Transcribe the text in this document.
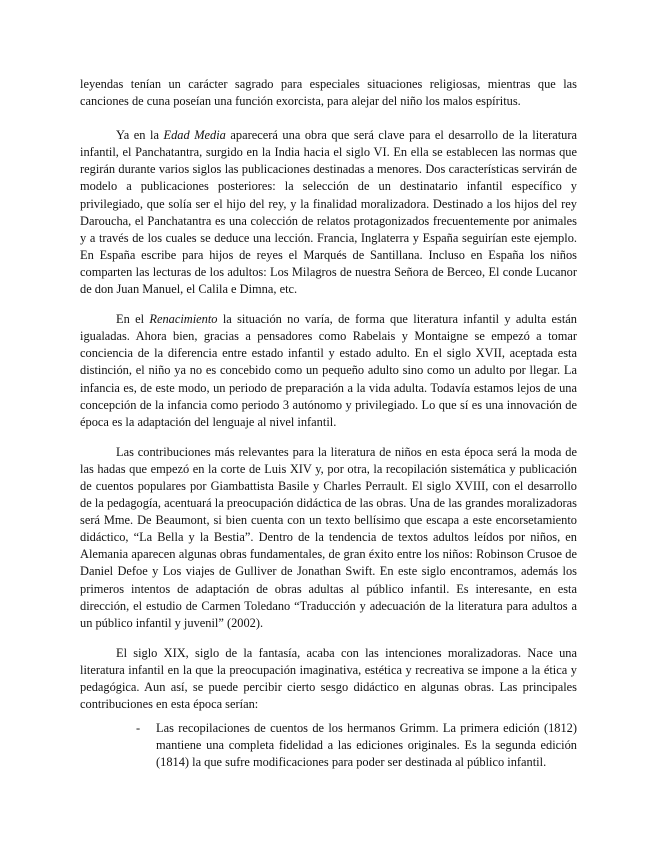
leyendas tenían un carácter sagrado para especiales situaciones religiosas, mientras que las canciones de cuna poseían una función exorcista, para alejar del niño los malos espíritus.

Ya en la Edad Media aparecerá una obra que será clave para el desarrollo de la literatura infantil, el Panchatantra, surgido en la India hacia el siglo VI. En ella se establecen las normas que regirán durante varios siglos las publicaciones destinadas a menores. Dos características servirán de modelo a publicaciones posteriores: la selección de un destinatario infantil específico y privilegiado, que solía ser el hijo del rey, y la finalidad moralizadora. Destinado a los hijos del rey Daroucha, el Panchatantra es una colección de relatos protagonizados frecuentemente por animales y a través de los cuales se deduce una lección. Francia, Inglaterra y España seguirían este ejemplo. En España escribe para hijos de reyes el Marqués de Santillana. Incluso en España los niños comparten las lecturas de los adultos: Los Milagros de nuestra Señora de Berceo, El conde Lucanor de don Juan Manuel, el Calila e Dimna, etc.

En el Renacimiento la situación no varía, de forma que literatura infantil y adulta están igualadas. Ahora bien, gracias a pensadores como Rabelais y Montaigne se empezó a tomar conciencia de la diferencia entre estado infantil y estado adulto. En el siglo XVII, aceptada esta distinción, el niño ya no es concebido como un pequeño adulto sino como un adulto por llegar. La infancia es, de este modo, un periodo de preparación a la vida adulta. Todavía estamos lejos de una concepción de la infancia como periodo 3 autónomo y privilegiado. Lo que sí es una innovación de época es la adaptación del lenguaje al nivel infantil.

Las contribuciones más relevantes para la literatura de niños en esta época será la moda de las hadas que empezó en la corte de Luis XIV y, por otra, la recopilación sistemática y publicación de cuentos populares por Giambattista Basile y Charles Perrault. El siglo XVIII, con el desarrollo de la pedagogía, acentuará la preocupación didáctica de las obras. Una de las grandes moralizadoras será Mme. De Beaumont, si bien cuenta con un texto bellísimo que escapa a este encorsetamiento didáctico, “La Bella y la Bestia”. Dentro de la tendencia de textos adultos leídos por niños, en Alemania aparecen algunas obras fundamentales, de gran éxito entre los niños: Robinson Crusoe de Daniel Defoe y Los viajes de Gulliver de Jonathan Swift. En este siglo encontramos, además los primeros intentos de adaptación de obras adultas al público infantil. Es interesante, en esta dirección, el estudio de Carmen Toledano “Traducción y adecuación de la literatura para adultos a un público infantil y juvenil” (2002).

El siglo XIX, siglo de la fantasía, acaba con las intenciones moralizadoras. Nace una literatura infantil en la que la preocupación imaginativa, estética y recreativa se impone a la ética y pedagógica. Aun así, se puede percibir cierto sesgo didáctico en algunas obras. Las principales contribuciones en esta época serían:

- Las recopilaciones de cuentos de los hermanos Grimm. La primera edición (1812) mantiene una completa fidelidad a las ediciones originales. Es la segunda edición (1814) la que sufre modificaciones para poder ser destinada al público infantil.
